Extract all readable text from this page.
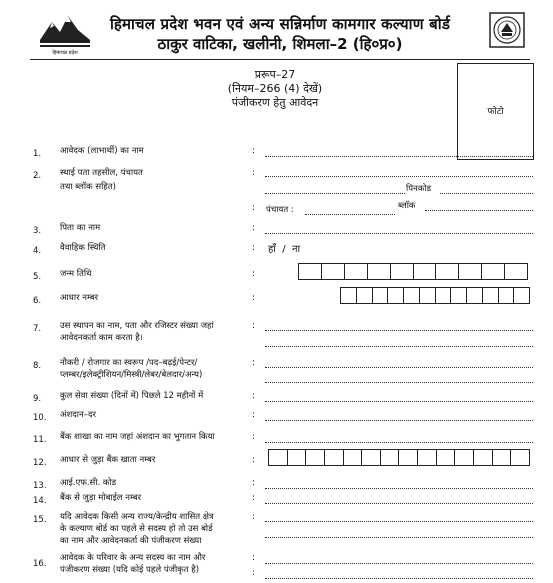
हिमाचल प्रदेश
हिमाचल प्रदेश भवन एवं अन्य सन्निर्माण कामगार कल्याण बोर्ड
ठाकुर वाटिका, खलीनी, शिमला–2 (हि०प्र०)
प्ररूप–27
(नियम–266 (4) देखें)
पंजीकरण हेतु आवेदन
फोटो
1. आवेदक (लाभार्थी) का नाम	:
2. स्थाई पता तहसील, पंचायत
तथा ब्लॉक सहित)
:
पिनकोड
: पंचायत :	ब्लॉक
3. पिता का नाम	:
4. वैवाहिक स्थिति	: हाँ  /  ना
5. जन्म तिथि	:
6. आधार नम्बर	:
7. उस स्थापन का नाम, पता और रजिस्टर संख्या जहां
आवेदनकर्ता काम करता है।
:
8. नौकरी / रोजगार का स्वरूप /पद–बढ़ई/पेन्टर/
प्लम्बर/इलेक्ट्रीशियन/मिस्त्री/लेबर/बेलदार/अन्य)
:
9. कुल सेवा संख्या (दिनों में) पिछले 12 महीनों में	:
10. अंशदान–दर	:
11. बैंक शाखा का नाम जहां अंशदान का भुगतान किया	:
12. आधार से जुड़ा बैंक खाता नम्बर	:
13. आई.एफ.सी. कोड	:
14. बैंक से जुड़ा मोबाईल नम्बर	:
15. यदि आवेदक किसी अन्य राज्य/केन्द्रीय शासित क्षेत्र
के कल्याण बोर्ड का पहले से सदस्य हो तो उस बोर्ड
का नाम और आवेदनकर्ता की पंजीकरण संख्या
:
16.
आवेदक के परिवार के अन्य सदस्य का नाम और
पंजीकरण संख्या (यदि कोई पहले पंजीकृत है)
:
:
